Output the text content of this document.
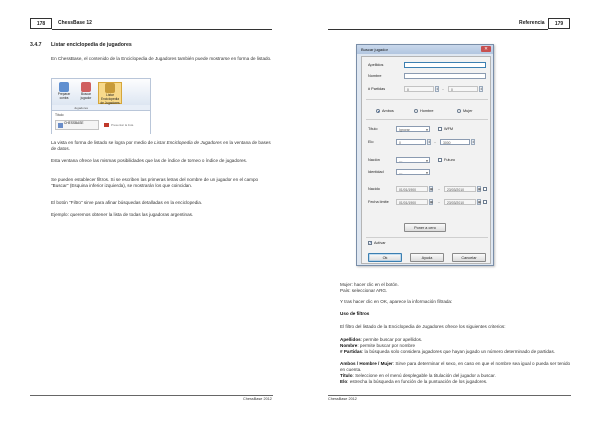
178	ChessBase 12
3.4.7 Listar enciclopedia de jugadores
En ChessBase, el contenido de la Enciclopedia de Jugadores también puede mostrarse en forma de listado.
Preparar contra
Buscar jugador
Listar Enciclopedia de Jugadores
Jugadores
Título
CHESSBASE	Presentar la lista
La vista en forma de listado se logra por medio de Listar Enciclopedia de Jugadores en la ventana de bases de datos.
Esta ventana ofrece las mismas posibilidades que las de índice de torneo o índice de jugadores.
Se pueden establecer filtros. Si se escriben las primeras letras del nombre de un jugador en el campo "Buscar" (Esquina inferior izquierda), se mostrarán los que coincidan.
El botón "Filtro" sirve para afinar búsquedas detalladas en la enciclopedia.
Ejemplo: queremos obtener la lista de todas las jugadoras argentinas.
ChessBase 2012
Referencia	179
ChessBase 2012
Buscar jugador	✕
Apellidos
Nombre
# Partidas	0	⇕ –	0	⇕
Ambos	Hombre	Mujer
Título	Ignorar	▼	WFM
Elo	0	⇕ –	3000	⇕
Nación	---	▼	Futuro
Identidad	---	▼
Nacido	01/01/1900	▦ –	23/03/2010	▦
Fecha límite	01/01/1900	▦ –	23/03/2010	▦
Poner a cero
✓ Activar
Ok	Ayuda	Cancelar
Mujer: hacer clic en el botón.
País: seleccionar ARG.
Y tras hacer clic en OK, aparece la información filtrada:
Uso de filtros
El filtro del listado de la Enciclopedia de Jugadores ofrece los siguientes criterios:
Apellidos: permite buscar por apellidos.
Nombre: permite buscar por nombre
# Partidas: la búsqueda solo considera jugadores que hayan jugado un número determinado de partidas.
Ambos / Hombre / Mujer: Sirve para determinar el sexo, en caso en que el nombre sea igual o pueda ser tenido en cuenta.
Título: Seleccione en el menú desplegable la titulación del jugador a buscar.
Elo: estrecha la búsqueda en función de la puntuación de los jugadores.
